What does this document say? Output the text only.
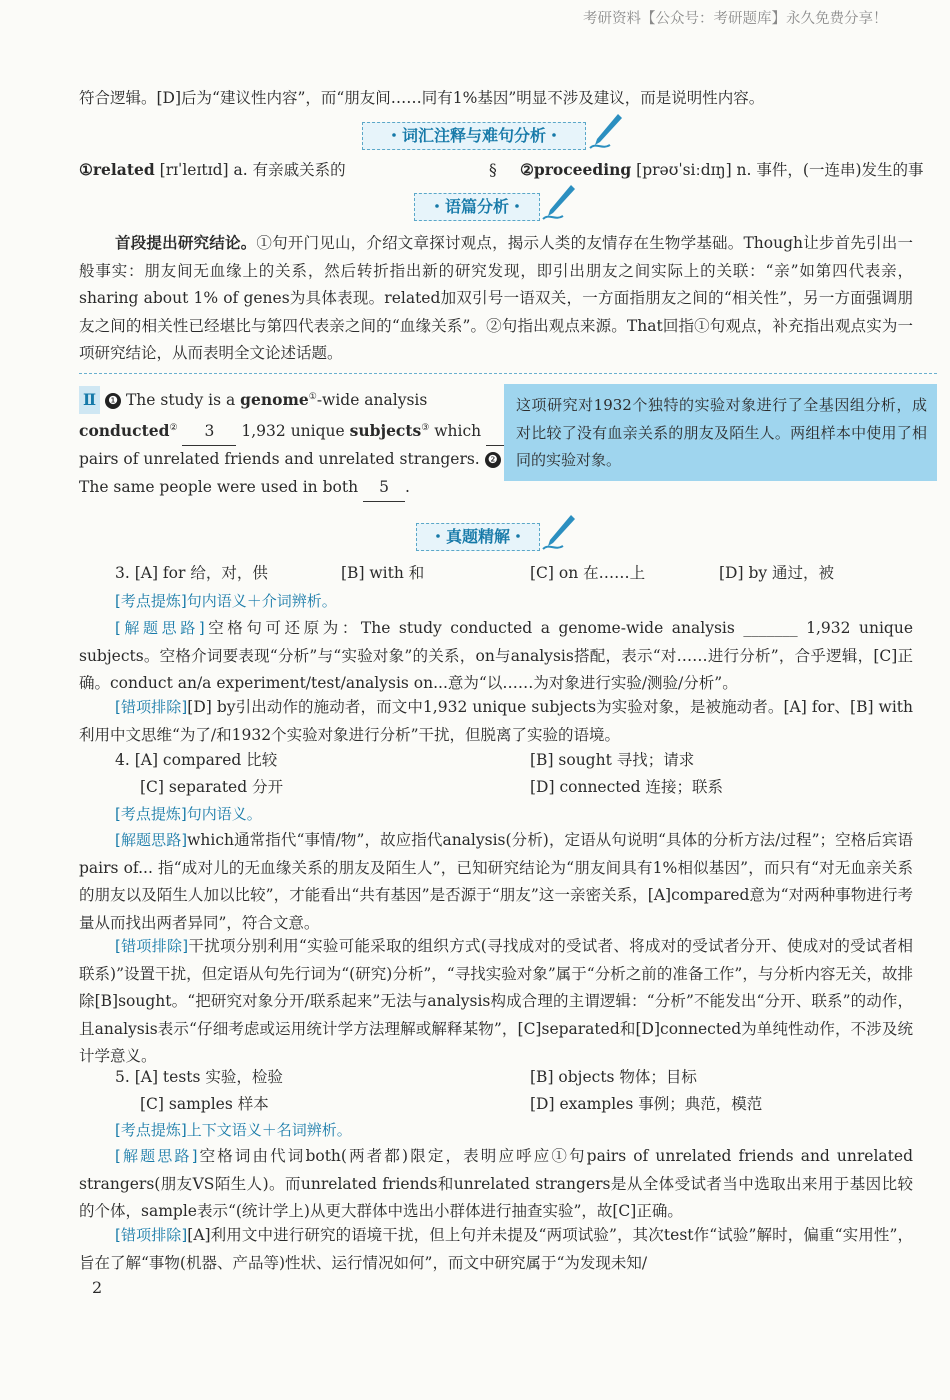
考研资料【公众号：考研题库】永久免费分享！

符合逻辑。[D]后为“建议性内容”，而“朋友间……同有1%基因”明显不涉及建议，而是说明性内容。

・词汇注释与难句分析・
①related [rɪˈleɪtɪd] a. 有亲戚关系的	§ ②proceeding [prəʊˈsiːdɪŋ] n. 事件，(一连串)发生的事
・语篇分析・

首段提出研究结论。①句开门见山，介绍文章探讨观点，揭示人类的友情存在生物学基础。Though让步首先引出一般事实：朋友间无血缘上的关系，然后转折指出新的研究发现，即引出朋友之间实际上的关联：“亲”如第四代表亲，sharing about 1% of genes为具体表现。related加双引号一语双关，一方面指朋友之间的“相关性”，另一方面强调朋友之间的相关性已经堪比与第四代表亲之间的“血缘关系”。②句指出观点来源。That回指①句观点，补充指出观点实为一项研究结论，从而表明全文论述话题。

Ⅱ ❶ The study is a genome①-wide analysis
conducted② 3 1,932 unique subjects③ which
pairs of unrelated friends and unrelated strangers. ❷
The same people were used in both 5 .
这项研究对1932个独特的实验对象进行了全基因组分析，成对比较了没有血亲关系的朋友及陌生人。两组样本中使用了相同的实验对象。
・真题精解・
3. [A] for 给，对，供	[B] with 和	[C] on 在……上	[D] by 通过，被
[考点提炼]句内语义＋介词辨析。

[解题思路]空格句可还原为：The study conducted a genome-wide analysis _______ 1,932 unique subjects。空格介词要表现“分析”与“实验对象”的关系，on与analysis搭配，表示“对……进行分析”，合乎逻辑，[C]正确。conduct an/a experiment/test/analysis on...意为“以……为对象进行实验/测验/分析”。

[错项排除][D] by引出动作的施动者，而文中1,932 unique subjects为实验对象，是被施动者。[A] for、[B] with利用中文思维“为了/和1932个实验对象进行分析”干扰，但脱离了实验的语境。

4. [A] compared 比较	[B] sought 寻找；请求
[C] separated 分开	[D] connected 连接；联系
[考点提炼]句内语义。

[解题思路]which通常指代“事情/物”，故应指代analysis(分析)，定语从句说明“具体的分析方法/过程”；空格后宾语pairs of... 指“成对儿的无血缘关系的朋友及陌生人”，已知研究结论为“朋友间具有1%相似基因”，而只有“对无血亲关系的朋友以及陌生人加以比较”，才能看出“共有基因”是否源于“朋友”这一亲密关系，[A]compared意为“对两种事物进行考量从而找出两者异同”，符合文意。

[错项排除]干扰项分别利用“实验可能采取的组织方式(寻找成对的受试者、将成对的受试者分开、使成对的受试者相联系)”设置干扰，但定语从句先行词为“(研究)分析”，“寻找实验对象”属于“分析之前的准备工作”，与分析内容无关，故排除[B]sought。“把研究对象分开/联系起来”无法与analysis构成合理的主谓逻辑：“分析”不能发出“分开、联系”的动作，且analysis表示“仔细考虑或运用统计学方法理解或解释某物”，[C]separated和[D]connected为单纯性动作，不涉及统计学意义。

5. [A] tests 实验，检验	[B] objects 物体；目标
[C] samples 样本	[D] examples 事例；典范，模范
[考点提炼]上下文语义＋名词辨析。

[解题思路]空格词由代词both(两者都)限定，表明应呼应①句pairs of unrelated friends and unrelated strangers(朋友VS陌生人)。而unrelated friends和unrelated strangers是从全体受试者当中选取出来用于基因比较的个体，sample表示“(统计学上)从更大群体中选出小群体进行抽查实验”，故[C]正确。

[错项排除][A]利用文中进行研究的语境干扰，但上句并未提及“两项试验”，其次test作“试验”解时，偏重“实用性”，旨在了解“事物(机器、产品等)性状、运行情况如何”，而文中研究属于“为发现未知/

2
